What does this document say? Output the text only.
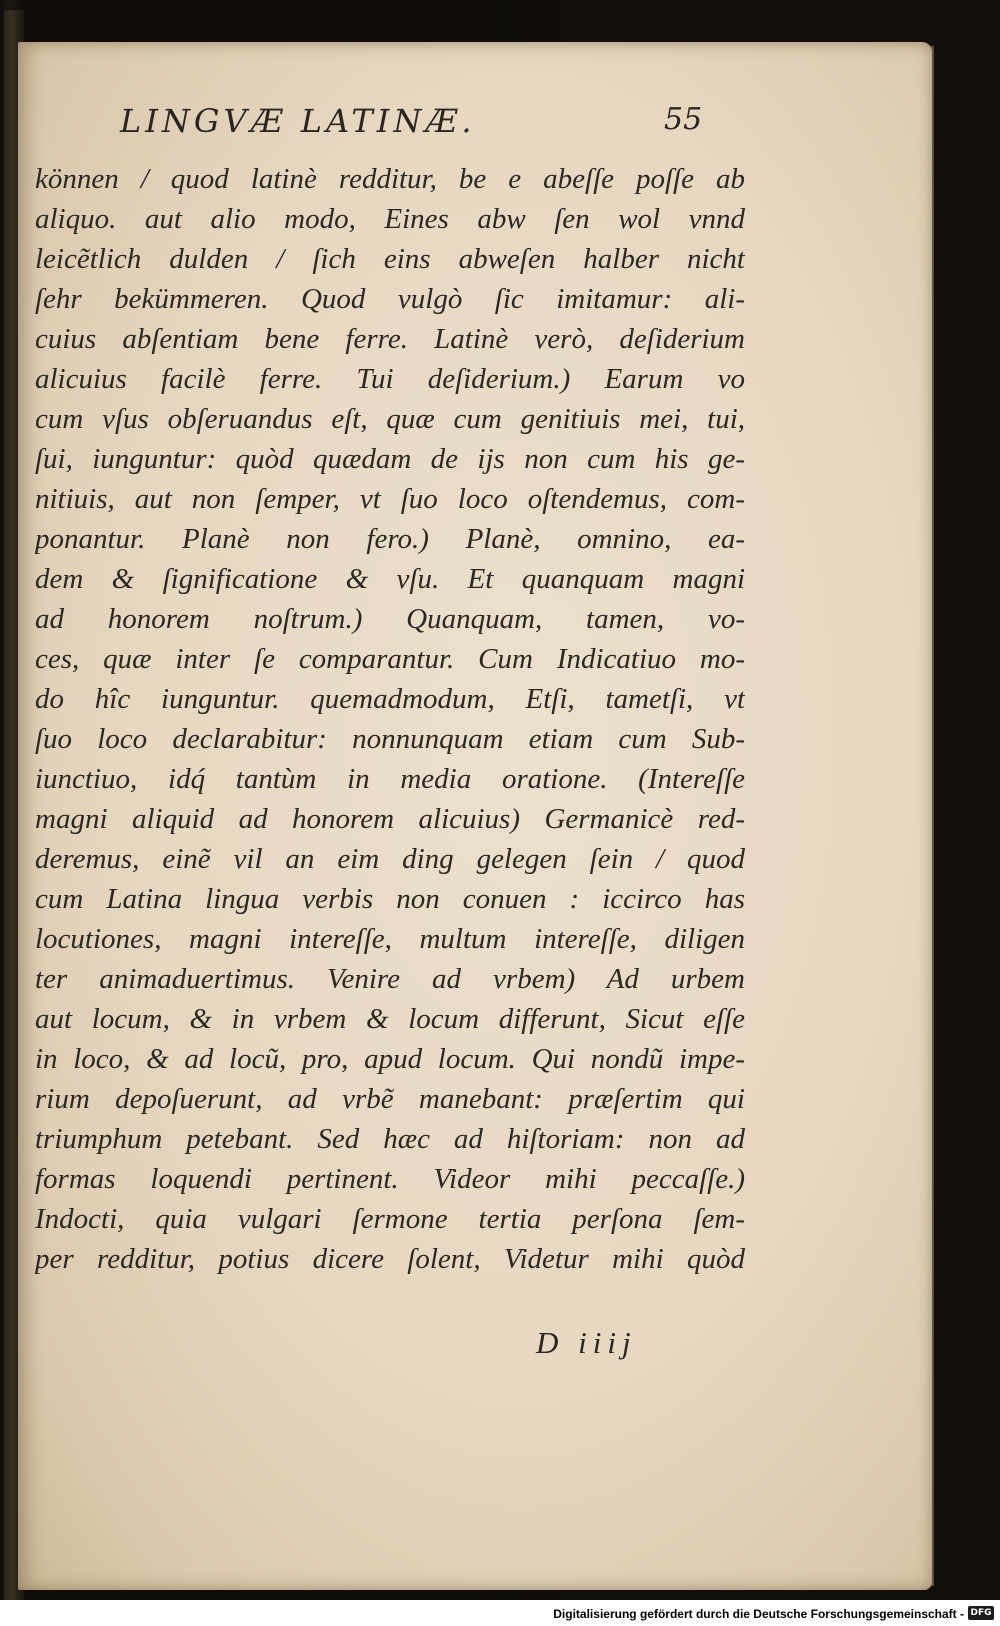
LINGVÆ LATINÆ.	55
können / quod latinè redditur, be e abeſſe poſſe ab
aliquo. aut alio modo, Eines abw ſen wol vnnd
leicẽtlich dulden / ſich eins abweſen halber nicht
ſehr bekümmeren. Quod vulgò ſic imitamur: ali-
cuius abſentiam bene ferre. Latinè verò, deſiderium
alicuius facilè ferre. Tui deſiderium.) Earum vo
cum vſus obſeruandus eſt, quæ cum genitiuis mei, tui,
ſui, iunguntur: quòd quædam de ijs non cum his ge-
nitiuis, aut non ſemper, vt ſuo loco oſtendemus, com-
ponantur. Planè non fero.) Planè, omnino, ea-
dem & ſignificatione & vſu. Et quanquam magni
ad honorem noſtrum.) Quanquam, tamen, vo-
ces, quæ inter ſe comparantur. Cum Indicatiuo mo-
do hîc iunguntur. quemadmodum, Etſi, tametſi, vt
ſuo loco declarabitur: nonnunquam etiam cum Sub-
iunctiuo, idq́ tantùm in media oratione. (Intereſſe
magni aliquid ad honorem alicuius) Germanicè red-
deremus, einẽ vil an eim ding gelegen ſein / quod
cum Latina lingua verbis non conuen : iccirco has
locutiones, magni intereſſe, multum intereſſe, diligen
ter animaduertimus. Venire ad vrbem) Ad urbem
aut locum, & in vrbem & locum differunt, Sicut eſſe
in loco, & ad locũ, pro, apud locum. Qui nondũ impe-
rium depoſuerunt, ad vrbẽ manebant: præſertim qui
triumphum petebant. Sed hæc ad hiſtoriam: non ad
formas loquendi pertinent. Videor mihi peccaſſe.)
Indocti, quia vulgari ſermone tertia perſona ſem-
per redditur, potius dicere ſolent, Videtur mihi quòd
D iiij
Digitalisierung gefördert durch die Deutsche Forschungsgemeinschaft - DFG
